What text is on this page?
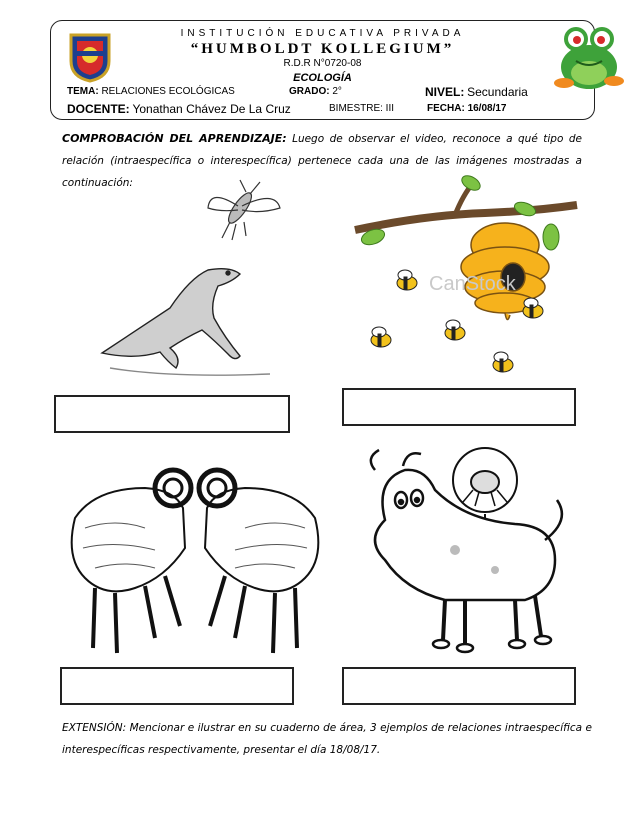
INSTITUCIÓN EDUCATIVA PRIVADA
“HUMBOLDT KOLLEGIUM”
R.D.R N°0720-08
ECOLOGÍA
TEMA: RELACIONES ECOLÓGICAS	GRADO: 2°	NIVEL: Secundaria
DOCENTE: Yonathan Chávez De La Cruz	BIMESTRE: III	FECHA: 16/08/17
COMPROBACIÓN DEL APRENDIZAJE: Luego de observar el video, reconoce a qué tipo de relación (intraespecífica o interespecífica) pertenece cada una de las imágenes mostradas a continuación:
CanStock
EXTENSIÓN: Mencionar e ilustrar en su cuaderno de área, 3 ejemplos de relaciones intraespecífica e interespecíficas respectivamente, presentar el día 18/08/17.
